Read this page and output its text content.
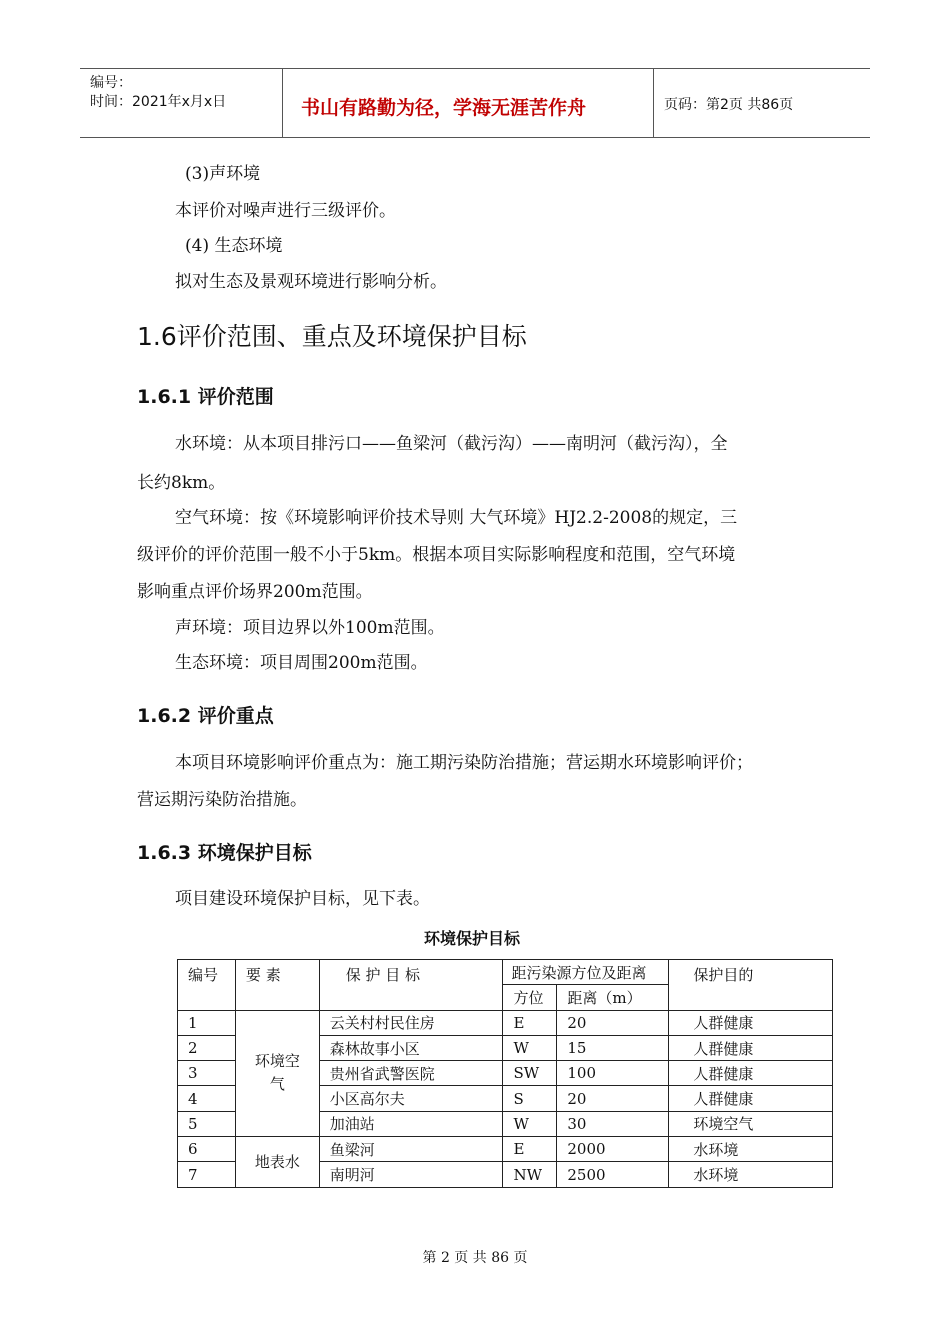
编号：
时间：2021年x月x日	书山有路勤为径，学海无涯苦作舟	页码：第2页 共86页
(3)声环境
本评价对噪声进行三级评价。
(4) 生态环境
拟对生态及景观环境进行影响分析。
1.6评价范围、重点及环境保护目标
1.6.1 评价范围
水环境：从本项目排污口——鱼梁河（截污沟）——南明河（截污沟），全
长约8km。
空气环境：按《环境影响评价技术导则 大气环境》HJ2.2-2008的规定，三
级评价的评价范围一般不小于5km。根据本项目实际影响程度和范围，空气环境
影响重点评价场界200m范围。
声环境：项目边界以外100m范围。
生态环境：项目周围200m范围。
1.6.2 评价重点
本项目环境影响评价重点为：施工期污染防治措施；营运期水环境影响评价；
营运期污染防治措施。
1.6.3 环境保护目标
项目建设环境保护目标，见下表。
环境保护目标
编号	要 素	保 护 目 标	距污染源方位及距离		保护目的
			方位	距离（m）	
1	环境空气	云关村村民住房	E	20	人群健康
2		森林故事小区	W	15	人群健康
3		贵州省武警医院	SW	100	人群健康
4		小区高尔夫	S	20	人群健康
5		加油站	W	30	环境空气
6	地表水	鱼梁河	E	2000	水环境
7		南明河	NW	2500	水环境
第 2 页 共 86 页
